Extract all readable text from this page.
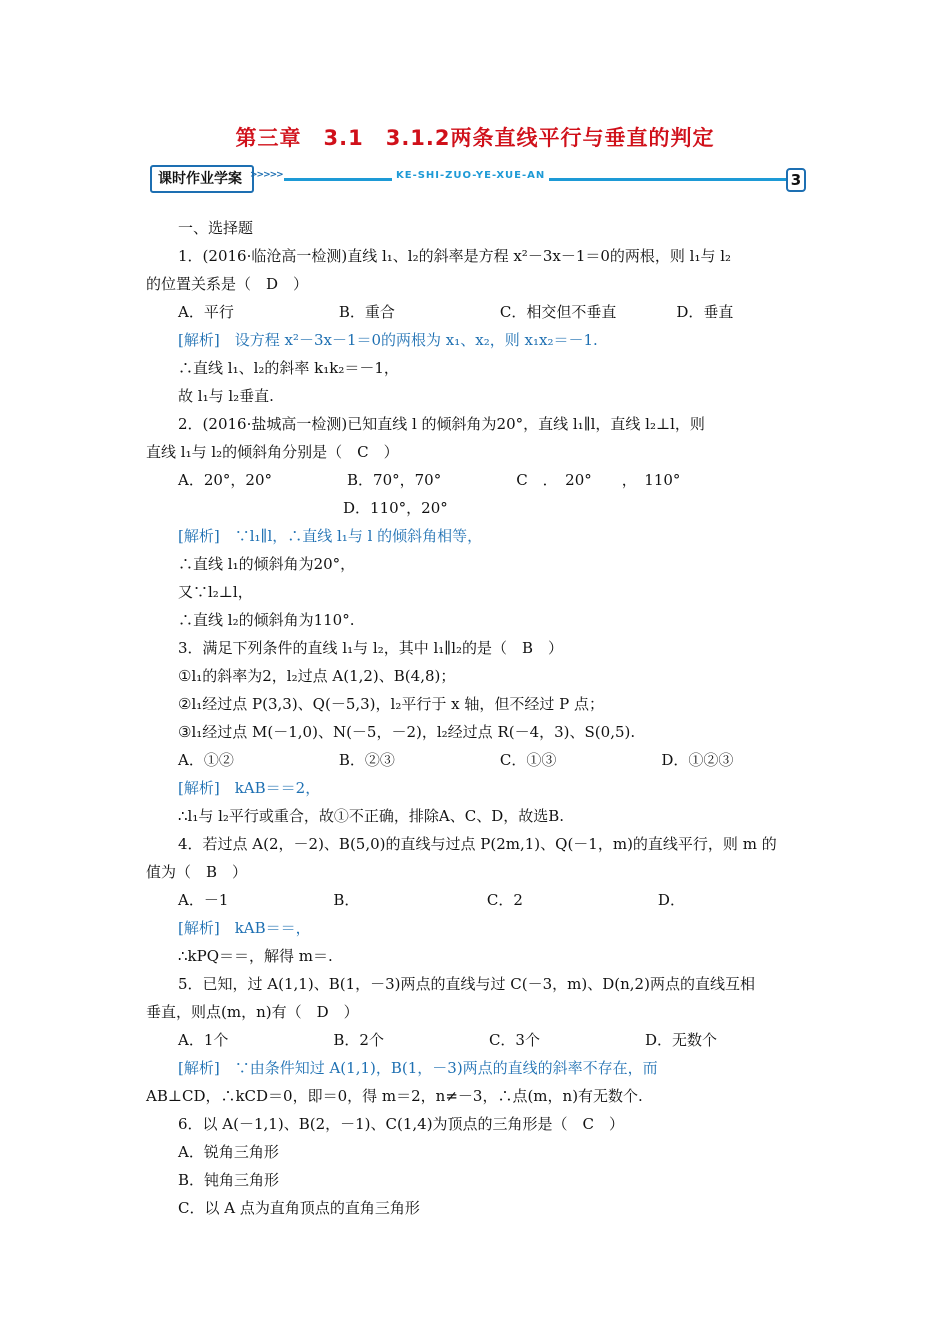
第三章　3.1　3.1.2两条直线平行与垂直的判定
课时作业学案 >>>>>	KE-SHI-ZUO-YE-XUE-AN	3
一、选择题
1．(2016·临沧高一检测)直线 l₁、l₂的斜率是方程 x²－3x－1＝0的两根，则 l₁与 l₂
的位置关系是（　D　）
A．平行　　　　　　　B．重合　　　　　　　C．相交但不垂直　　　　D．垂直
[解析]　设方程 x²－3x－1＝0的两根为 x₁、x₂，则 x₁x₂＝－1.
∴直线 l₁、l₂的斜率 k₁k₂＝－1，
故 l₁与 l₂垂直.
2．(2016·盐城高一检测)已知直线 l 的倾斜角为20°，直线 l₁∥l，直线 l₂⊥l，则
直线 l₁与 l₂的倾斜角分别是（　C　）
A．20°，20°　　　　　B．70°，70°　　　　　C　．　20°　　，　110°
D．110°，20°
[解析]　∵l₁∥l，∴直线 l₁与 l 的倾斜角相等，
∴直线 l₁的倾斜角为20°，
又∵l₂⊥l，
∴直线 l₂的倾斜角为110°.
3．满足下列条件的直线 l₁与 l₂，其中 l₁∥l₂的是（　B　）
①l₁的斜率为2，l₂过点 A(1,2)、B(4,8)；
②l₁经过点 P(3,3)、Q(－5,3)，l₂平行于 x 轴，但不经过 P 点；
③l₁经过点 M(－1,0)、N(－5，－2)，l₂经过点 R(－4，3)、S(0,5).
A．①②　　　　　　　B．②③　　　　　　　C．①③　　　　　　　D．①②③
[解析]　kAB＝＝2，
∴l₁与 l₂平行或重合，故①不正确，排除A、C、D，故选B.
4．若过点 A(2，－2)、B(5,0)的直线与过点 P(2m,1)、Q(－1，m)的直线平行，则 m 的
值为（　B　）
A．－1　　　　　　　B．　　　　　　　　　C．2　　　　　　　　　D．
[解析]　kAB＝＝，
∴kPQ＝＝，解得 m＝.
5．已知，过 A(1,1)、B(1，－3)两点的直线与过 C(－3，m)、D(n,2)两点的直线互相
垂直，则点(m，n)有（　D　）
A．1个　　　　　　　B．2个　　　　　　　C．3个　　　　　　　D．无数个
[解析]　∵由条件知过 A(1,1)，B(1，－3)两点的直线的斜率不存在，而
AB⊥CD，∴kCD＝0，即＝0，得 m＝2，n≠－3，∴点(m，n)有无数个.
6．以 A(－1,1)、B(2，－1)、C(1,4)为顶点的三角形是（　C　）
A．锐角三角形
B．钝角三角形
C．以 A 点为直角顶点的直角三角形
